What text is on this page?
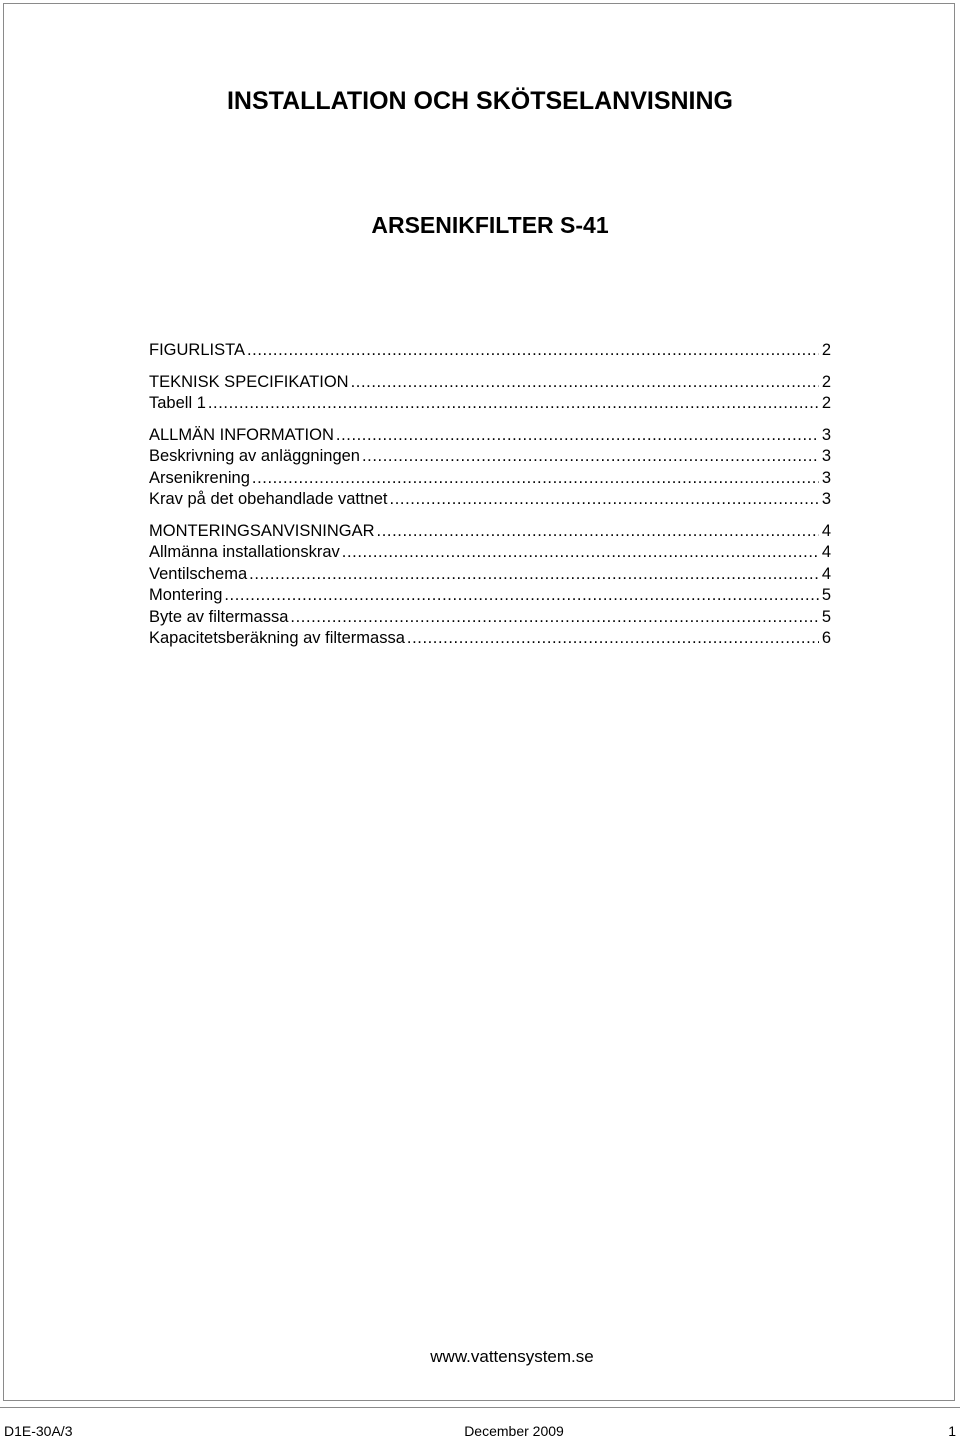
INSTALLATION OCH SKÖTSELANVISNING
ARSENIKFILTER S-41
FIGURLISTA .....	2
TEKNISK SPECIFIKATION .....	2
Tabell 1 .....	2
ALLMÄN INFORMATION .....	3
Beskrivning av anläggningen .....	3
Arsenikrening .....	3
Krav på det obehandlade vattnet .....	3
MONTERINGSANVISNINGAR .....	4
Allmänna installationskrav .....	4
Ventilschema .....	4
Montering .....	5
Byte av filtermassa .....	5
Kapacitetsberäkning av filtermassa .....	6
www.vattensystem.se
D1E-30A/3	December 2009	1
